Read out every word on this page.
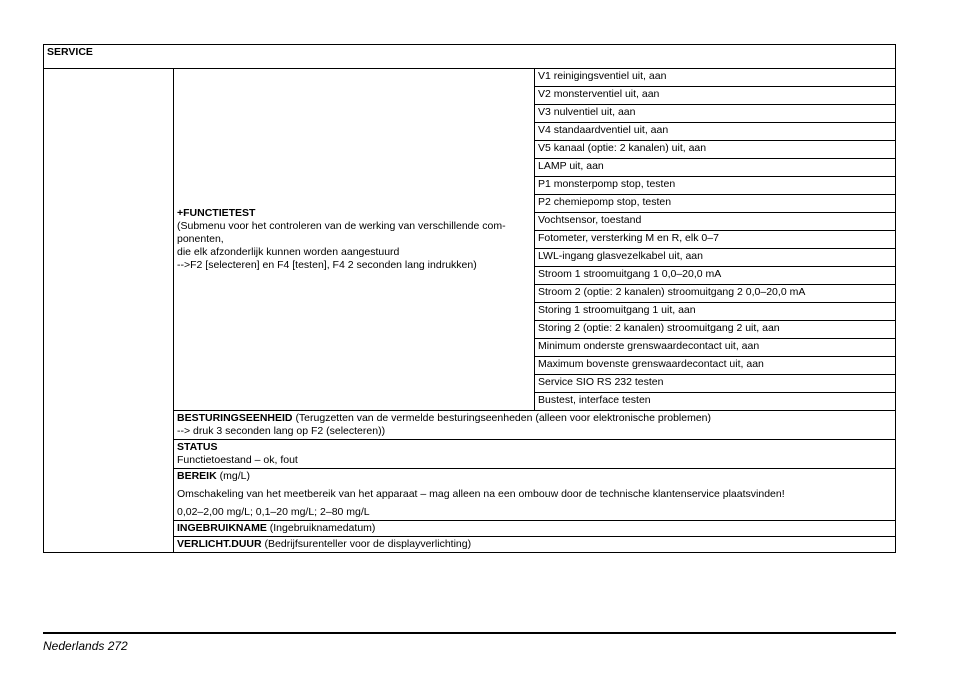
SERVICE

+FUNCTIETEST
(Submenu voor het controleren van de werking van verschillende com-
ponenten,
die elk afzonderlijk kunnen worden aangestuurd
-->F2 [selecteren] en F4 [testen], F4 2 seconden lang indrukken)
	V1 reinigingsventiel uit, aan
V2 monsterventiel uit, aan
V3 nulventiel uit, aan
V4 standaardventiel uit, aan
V5 kanaal (optie: 2 kanalen) uit, aan
LAMP uit, aan
P1 monsterpomp stop, testen
P2 chemiepomp stop, testen
Vochtsensor, toestand
Fotometer, versterking M en R, elk 0–7
LWL-ingang glasvezelkabel uit, aan
Stroom 1 stroomuitgang 1 0,0–20,0 mA
Stroom 2 (optie: 2 kanalen) stroomuitgang 2 0,0–20,0 mA
Storing 1 stroomuitgang 1 uit, aan
Storing 2 (optie: 2 kanalen) stroomuitgang 2 uit, aan
Minimum onderste grenswaardecontact uit, aan
Maximum bovenste grenswaardecontact uit, aan
Service SIO RS 232 testen
Bustest, interface testen

BESTURINGSEENHEID (Terugzetten van de vermelde besturingseenheden (alleen voor elektronische problemen)
--> druk 3 seconden lang op F2 (selecteren))

STATUS
Functietoestand – ok, fout

BEREIK (mg/L)
Omschakeling van het meetbereik van het apparaat – mag alleen na een ombouw door de technische klantenservice plaatsvinden!
0,02–2,00 mg/L; 0,1–20 mg/L; 2–80 mg/L

INGEBRUIKNAME (Ingebruiknamedatum)
VERLICHT.DUUR (Bedrijfsurenteller voor de displayverlichting)
Nederlands 272
